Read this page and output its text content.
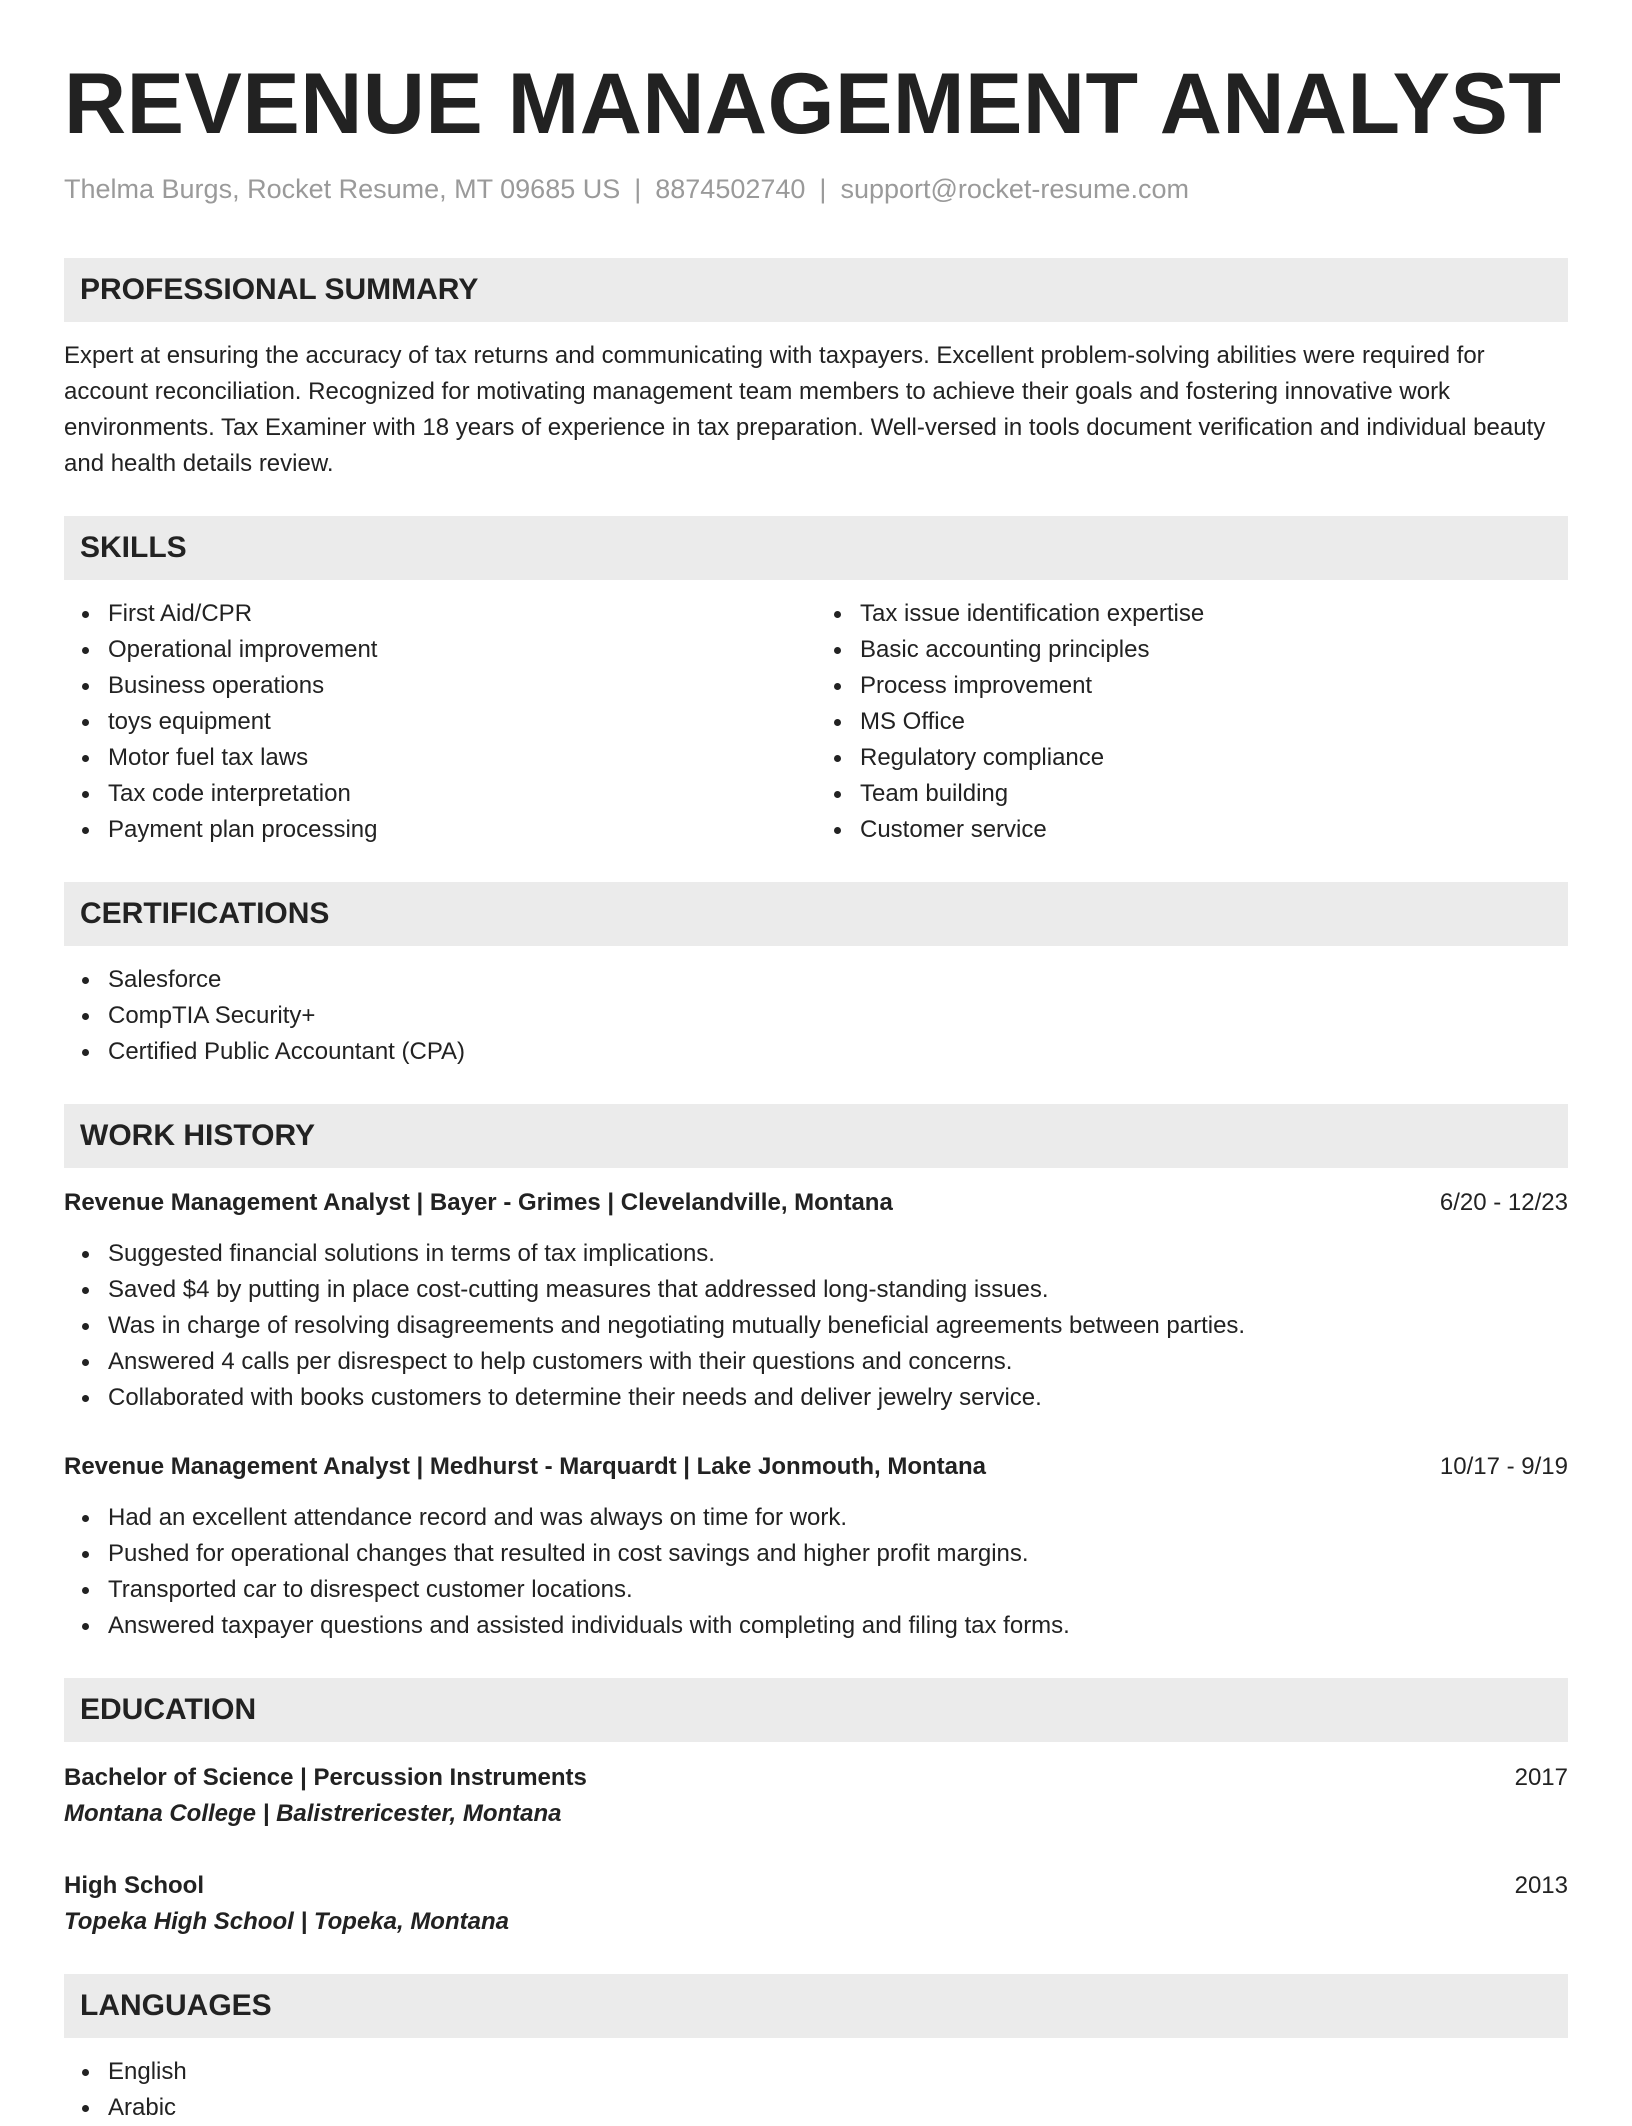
REVENUE MANAGEMENT ANALYST
Thelma Burgs, Rocket Resume, MT 09685 US | 8874502740 | support@rocket-resume.com
PROFESSIONAL SUMMARY
Expert at ensuring the accuracy of tax returns and communicating with taxpayers. Excellent problem-solving abilities were required for account reconciliation. Recognized for motivating management team members to achieve their goals and fostering innovative work environments. Tax Examiner with 18 years of experience in tax preparation. Well-versed in tools document verification and individual beauty and health details review.
SKILLS
First Aid/CPR
Operational improvement
Business operations
toys equipment
Motor fuel tax laws
Tax code interpretation
Payment plan processing
Tax issue identification expertise
Basic accounting principles
Process improvement
MS Office
Regulatory compliance
Team building
Customer service
CERTIFICATIONS
Salesforce
CompTIA Security+
Certified Public Accountant (CPA)
WORK HISTORY
Revenue Management Analyst | Bayer - Grimes | Clevelandville, Montana	6/20 - 12/23
Suggested financial solutions in terms of tax implications.
Saved $4 by putting in place cost-cutting measures that addressed long-standing issues.
Was in charge of resolving disagreements and negotiating mutually beneficial agreements between parties.
Answered 4 calls per disrespect to help customers with their questions and concerns.
Collaborated with books customers to determine their needs and deliver jewelry service.
Revenue Management Analyst | Medhurst - Marquardt | Lake Jonmouth, Montana	10/17 - 9/19
Had an excellent attendance record and was always on time for work.
Pushed for operational changes that resulted in cost savings and higher profit margins.
Transported car to disrespect customer locations.
Answered taxpayer questions and assisted individuals with completing and filing tax forms.
EDUCATION
Bachelor of Science | Percussion Instruments	2017
Montana College | Balistrericester, Montana
High School	2013
Topeka High School | Topeka, Montana
LANGUAGES
English
Arabic
